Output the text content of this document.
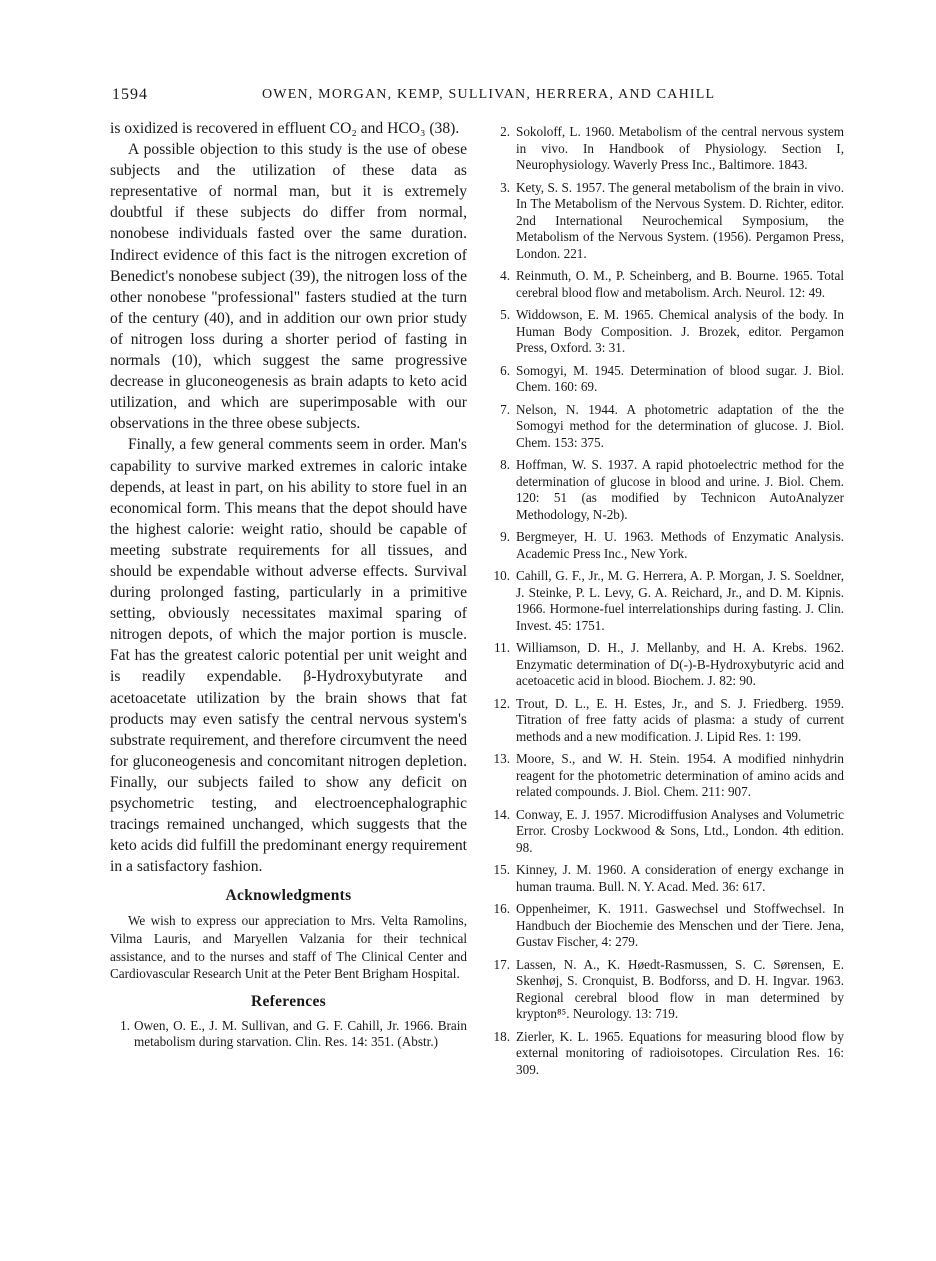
1594	OWEN, MORGAN, KEMP, SULLIVAN, HERRERA, AND CAHILL

is oxidized is recovered in effluent CO₂ and HCO₃ (38).

A possible objection to this study is the use of obese subjects and the utilization of these data as representative of normal man, but it is extremely doubtful if these subjects do differ from normal, nonobese individuals fasted over the same duration. Indirect evidence of this fact is the nitrogen excretion of Benedict's nonobese subject (39), the nitrogen loss of the other nonobese "professional" fasters studied at the turn of the century (40), and in addition our own prior study of nitrogen loss during a shorter period of fasting in normals (10), which suggest the same progressive decrease in gluconeogenesis as brain adapts to keto acid utilization, and which are superimposable with our observations in the three obese subjects.

Finally, a few general comments seem in order. Man's capability to survive marked extremes in caloric intake depends, at least in part, on his ability to store fuel in an economical form. This means that the depot should have the highest calorie: weight ratio, should be capable of meeting substrate requirements for all tissues, and should be expendable without adverse effects. Survival during prolonged fasting, particularly in a primitive setting, obviously necessitates maximal sparing of nitrogen depots, of which the major portion is muscle. Fat has the greatest caloric potential per unit weight and is readily expendable. β-Hydroxybutyrate and acetoacetate utilization by the brain shows that fat products may even satisfy the central nervous system's substrate requirement, and therefore circumvent the need for gluconeogenesis and concomitant nitrogen depletion. Finally, our subjects failed to show any deficit on psychometric testing, and electroencephalographic tracings remained unchanged, which suggests that the keto acids did fulfill the predominant energy requirement in a satisfactory fashion.

Acknowledgments

We wish to express our appreciation to Mrs. Velta Ramolins, Vilma Lauris, and Maryellen Valzania for their technical assistance, and to the nurses and staff of The Clinical Center and Cardiovascular Research Unit at the Peter Bent Brigham Hospital.

References
1. Owen, O. E., J. M. Sullivan, and G. F. Cahill, Jr. 1966. Brain metabolism during starvation. Clin. Res. 14: 351. (Abstr.)
2. Sokoloff, L. 1960. Metabolism of the central nervous system in vivo. In Handbook of Physiology. Section I, Neurophysiology. Waverly Press Inc., Baltimore. 1843.
3. Kety, S. S. 1957. The general metabolism of the brain in vivo. In The Metabolism of the Nervous System. D. Richter, editor. 2nd International Neurochemical Symposium, the Metabolism of the Nervous System. (1956). Pergamon Press, London. 221.
4. Reinmuth, O. M., P. Scheinberg, and B. Bourne. 1965. Total cerebral blood flow and metabolism. Arch. Neurol. 12: 49.
5. Widdowson, E. M. 1965. Chemical analysis of the body. In Human Body Composition. J. Brozek, editor. Pergamon Press, Oxford. 3: 31.
6. Somogyi, M. 1945. Determination of blood sugar. J. Biol. Chem. 160: 69.
7. Nelson, N. 1944. A photometric adaptation of the the Somogyi method for the determination of glucose. J. Biol. Chem. 153: 375.
8. Hoffman, W. S. 1937. A rapid photoelectric method for the determination of glucose in blood and urine. J. Biol. Chem. 120: 51 (as modified by Technicon AutoAnalyzer Methodology, N-2b).
9. Bergmeyer, H. U. 1963. Methods of Enzymatic Analysis. Academic Press Inc., New York.
10. Cahill, G. F., Jr., M. G. Herrera, A. P. Morgan, J. S. Soeldner, J. Steinke, P. L. Levy, G. A. Reichard, Jr., and D. M. Kipnis. 1966. Hormone-fuel interrelationships during fasting. J. Clin. Invest. 45: 1751.
11. Williamson, D. H., J. Mellanby, and H. A. Krebs. 1962. Enzymatic determination of D(-)-B-Hydroxybutyric acid and acetoacetic acid in blood. Biochem. J. 82: 90.
12. Trout, D. L., E. H. Estes, Jr., and S. J. Friedberg. 1959. Titration of free fatty acids of plasma: a study of current methods and a new modification. J. Lipid Res. 1: 199.
13. Moore, S., and W. H. Stein. 1954. A modified ninhydrin reagent for the photometric determination of amino acids and related compounds. J. Biol. Chem. 211: 907.
14. Conway, E. J. 1957. Microdiffusion Analyses and Volumetric Error. Crosby Lockwood & Sons, Ltd., London. 4th edition. 98.
15. Kinney, J. M. 1960. A consideration of energy exchange in human trauma. Bull. N. Y. Acad. Med. 36: 617.
16. Oppenheimer, K. 1911. Gaswechsel und Stoffwechsel. In Handbuch der Biochemie des Menschen und der Tiere. Jena, Gustav Fischer, 4: 279.
17. Lassen, N. A., K. Høedt-Rasmussen, S. C. Sørensen, E. Skenhøj, S. Cronquist, B. Bodforss, and D. H. Ingvar. 1963. Regional cerebral blood flow in man determined by krypton⁸⁵. Neurology. 13: 719.
18. Zierler, K. L. 1965. Equations for measuring blood flow by external monitoring of radioisotopes. Circulation Res. 16: 309.
